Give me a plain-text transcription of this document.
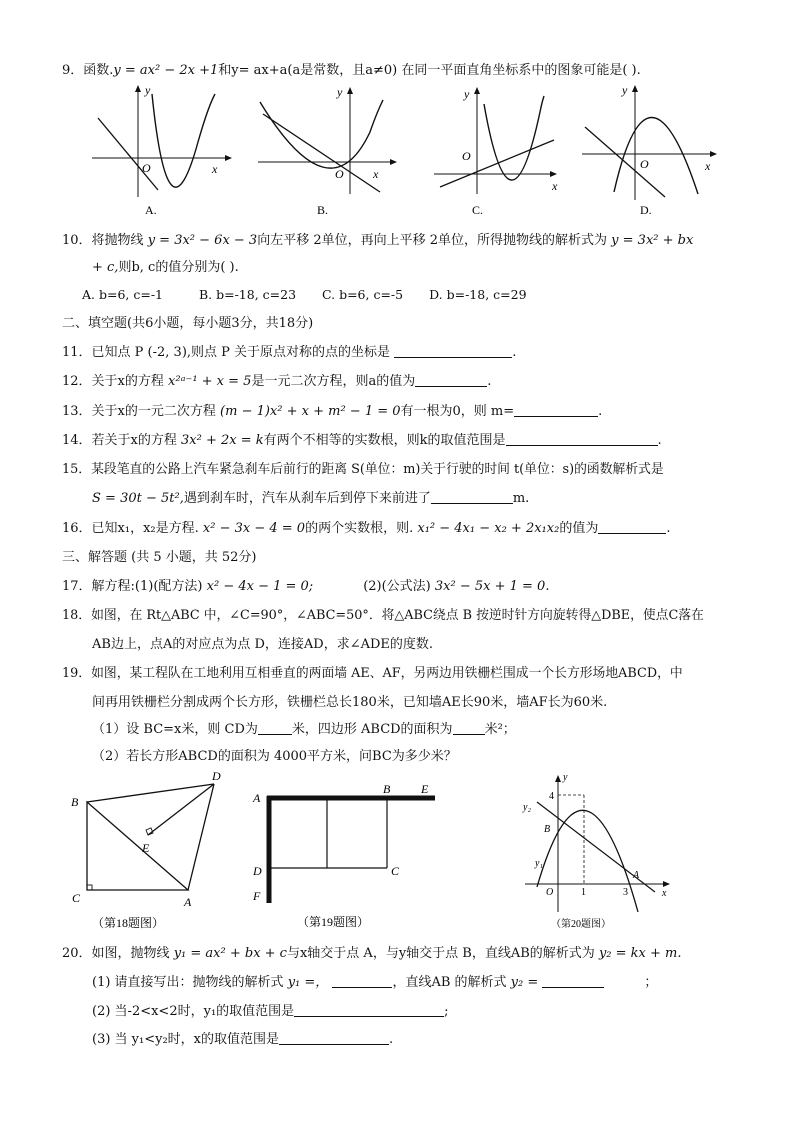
9．函数.y = ax² − 2x +1和y= ax+a(a是常数，且a≠0) 在同一平面直角坐标系中的图象可能是( ).
y
x
O
A.
y
x
O
B.
y
x
O
C.
y
x
O
D.
10．将抛物线 y = 3x² − 6x − 3向左平移 2单位，再向上平移 2单位，所得抛物线的解析式为 y = 3x² + bx
+ c,则b, c的值分别为( ).
A. b=6, c=-1	B. b=-18, c=23 C. b=6, c=-5 D. b=-18, c=29
二、填空题(共6小题，每小题3分，共18分)
11．已知点 P (-2, 3),则点 P 关于原点对称的点的坐标是	.
12．关于x的方程 x²ᵃ⁻¹ + x = 5是一元二次方程，则a的值为	.
13．关于x的一元二次方程 (m − 1)x² + x + m² − 1 = 0有一根为0，则 m=	.
14．若关于x的方程 3x² + 2x = k有两个不相等的实数根，则k的取值范围是	.
15．某段笔直的公路上汽车紧急刹车后前行的距离 S(单位：m)关于行驶的时间 t(单位：s)的函数解析式是
S = 30t − 5t²,遇到刹车时，汽车从刹车后到停下来前进了	m.
16．已知x₁，x₂是方程. x² − 3x − 4 = 0的两个实数根，则. x₁² − 4x₁ − x₂ + 2x₁x₂的值为	.
三、解答题 (共 5 小题，共 52分)
17．解方程:(1)(配方法) x² − 4x − 1 = 0;	(2)(公式法) 3x² − 5x + 1 = 0.
18．如图，在 Rt△ABC 中，∠C=90°，∠ABC=50°．将△ABC绕点 B 按逆时针方向旋转得△DBE，使点C落在
AB边上，点A的对应点为点 D，连接AD，求∠ADE的度数.
19．如图，某工程队在工地利用互相垂直的两面墙 AE、AF，另两边用铁栅栏围成一个长方形场地ABCD，中
间再用铁栅栏分割成两个长方形，铁栅栏总长180米，已知墙AE长90米，墙AF长为60米.
（1）设 BC=x米，则 CD为	米，四边形 ABCD的面积为 米²；
（2）若长方形ABCD的面积为 4000平方米，问BC为多少米？
B
C	A
D
E
（第18题图）
A
B	E
D	C
F
（第19题图）
y
x
4
y₂
B
y₁
O	1	3
A
（第20题图）
20．如图，抛物线 y₁ = ax² + bx + c与x轴交于点 A，与y轴交于点 B，直线AB的解析式为 y₂ = kx + m.
(1) 请直接写出：抛物线的解析式 y₁ =，	，直线AB 的解析式 y₂ =	；
(2) 当-2<x<2时，y₁的取值范围是	;
(3) 当 y₁<y₂时，x的取值范围是	.
